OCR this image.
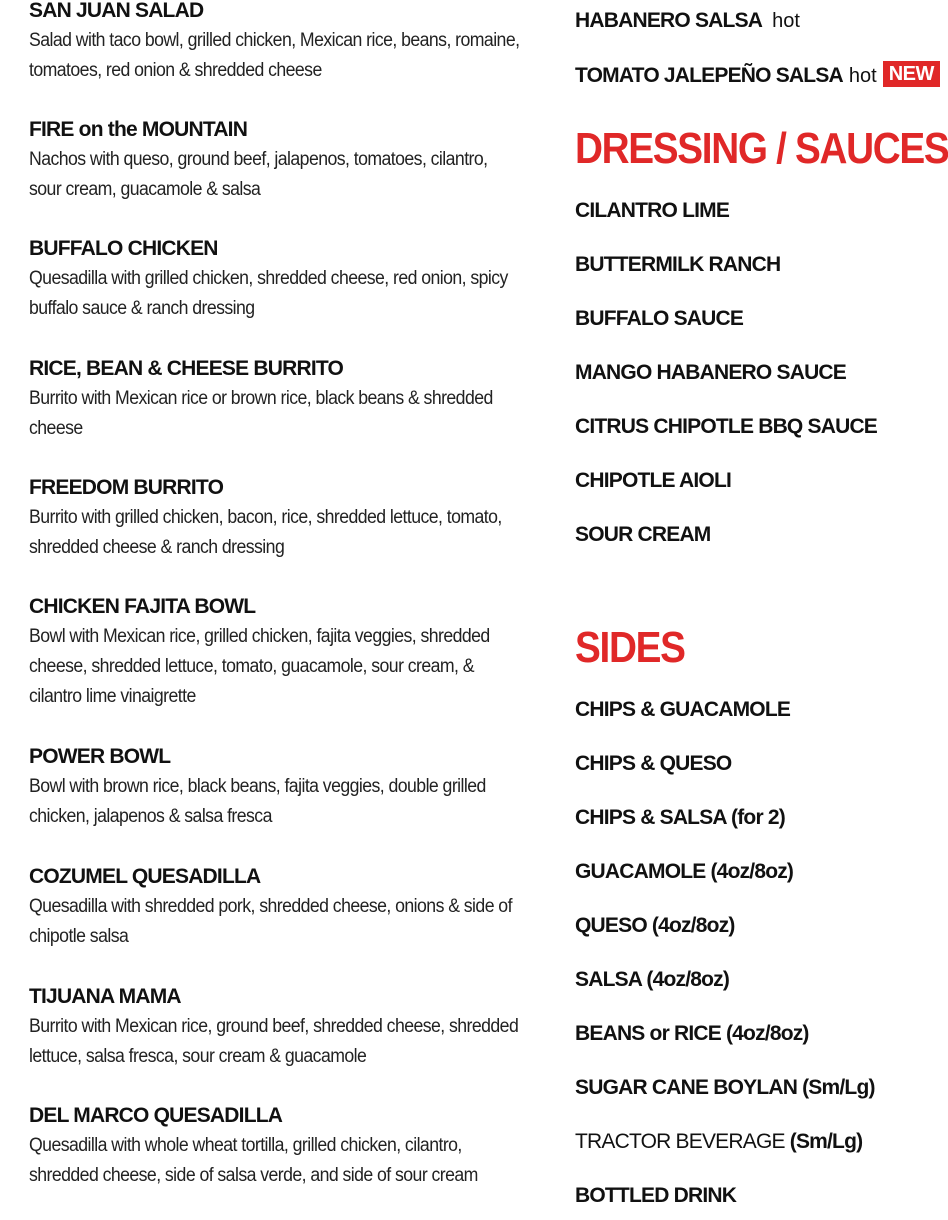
SAN JUAN SALAD

Salad with taco bowl, grilled chicken, Mexican rice, beans, romaine, tomatoes, red onion & shredded cheese

FIRE on the MOUNTAIN

Nachos with queso, ground beef, jalapenos, tomatoes, cilantro, sour cream, guacamole & salsa

BUFFALO CHICKEN

Quesadilla with grilled chicken, shredded cheese, red onion, spicy buffalo sauce & ranch dressing

RICE, BEAN & CHEESE BURRITO

Burrito with Mexican rice or brown rice, black beans & shredded cheese

FREEDOM BURRITO

Burrito with grilled chicken, bacon, rice, shredded lettuce, tomato, shredded cheese & ranch dressing

CHICKEN FAJITA BOWL

Bowl with Mexican rice, grilled chicken, fajita veggies, shredded cheese, shredded lettuce, tomato, guacamole, sour cream, & cilantro lime vinaigrette

POWER BOWL

Bowl with brown rice, black beans, fajita veggies, double grilled chicken, jalapenos & salsa fresca

COZUMEL QUESADILLA

Quesadilla with shredded pork, shredded cheese, onions & side of chipotle salsa

TIJUANA MAMA

Burrito with Mexican rice, ground beef, shredded cheese, shredded lettuce, salsa fresca, sour cream & guacamole

DEL MARCO QUESADILLA

Quesadilla with whole wheat tortilla, grilled chicken, cilantro, shredded cheese, side of salsa verde, and side of sour cream

HABANERO SALSA hot
TOMATO JALEPEÑO SALSA hot NEW
DRESSING / SAUCES
CILANTRO LIME
BUTTERMILK RANCH
BUFFALO SAUCE
MANGO HABANERO SAUCE
CITRUS CHIPOTLE BBQ SAUCE
CHIPOTLE AIOLI
SOUR CREAM
SIDES
CHIPS & GUACAMOLE
CHIPS & QUESO
CHIPS & SALSA (for 2)
GUACAMOLE (4oz/8oz)
QUESO (4oz/8oz)
SALSA (4oz/8oz)
BEANS or RICE (4oz/8oz)
SUGAR CANE BOYLAN (Sm/Lg)
TRACTOR BEVERAGE (Sm/Lg)
BOTTLED DRINK
